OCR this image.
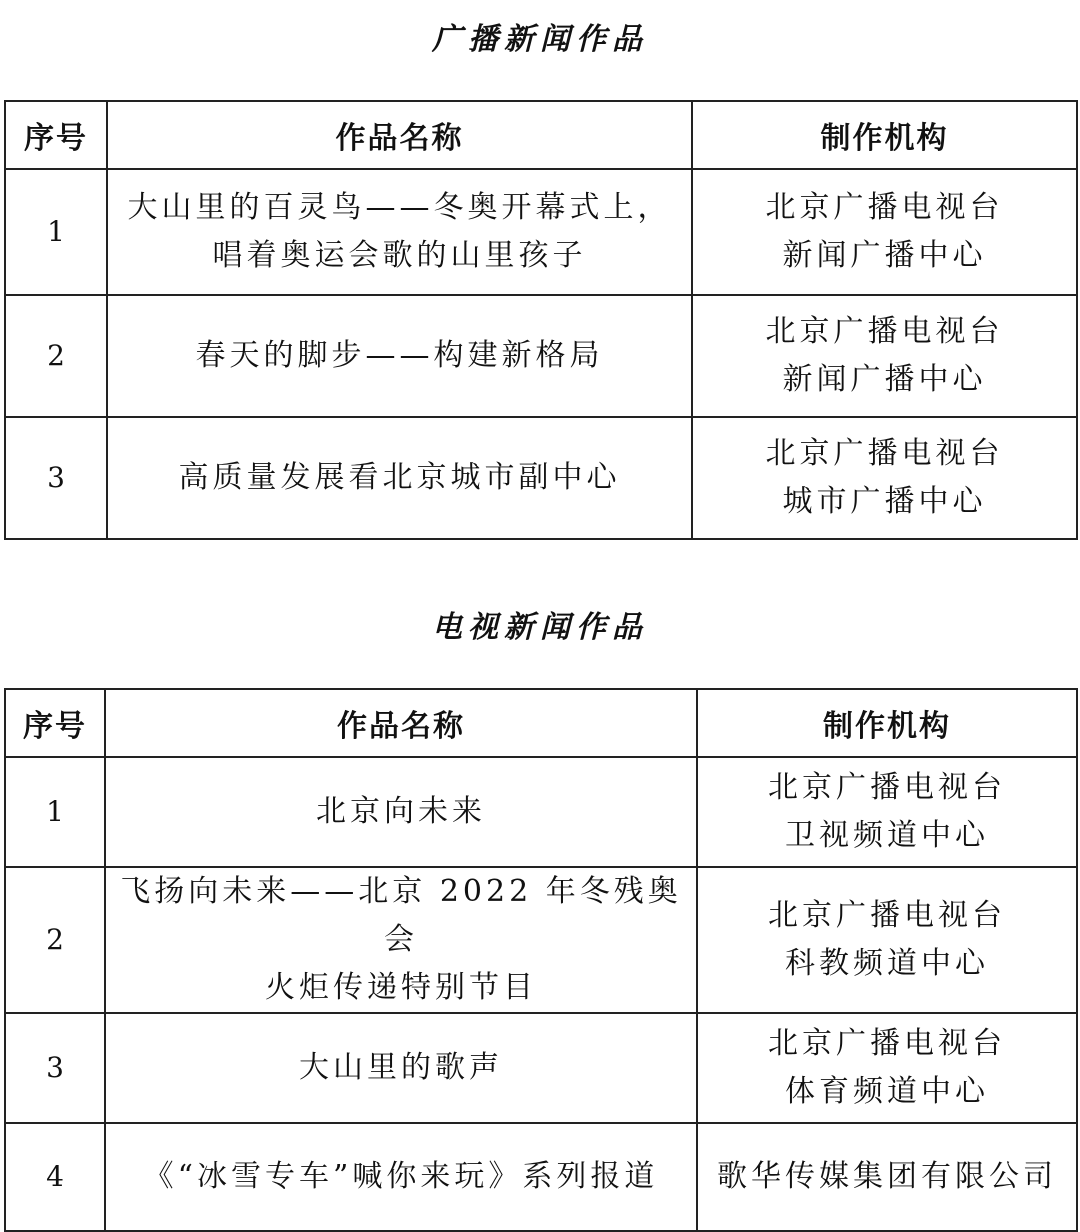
广播新闻作品
序号	作品名称	制作机构
1	大山里的百灵鸟——冬奥开幕式上，
唱着奥运会歌的山里孩子	北京广播电视台
新闻广播中心

2	春天的脚步——构建新格局	北京广播电视台
新闻广播中心

3	高质量发展看北京城市副中心	北京广播电视台
城市广播中心
电视新闻作品
序号	作品名称	制作机构
1	北京向未来	北京广播电视台
卫视频道中心

2	飞扬向未来——北京 2022 年冬残奥会
火炬传递特别节目	北京广播电视台
科教频道中心

3	大山里的歌声	北京广播电视台
体育频道中心

4	《“冰雪专车”喊你来玩》系列报道	歌华传媒集团有限公司
